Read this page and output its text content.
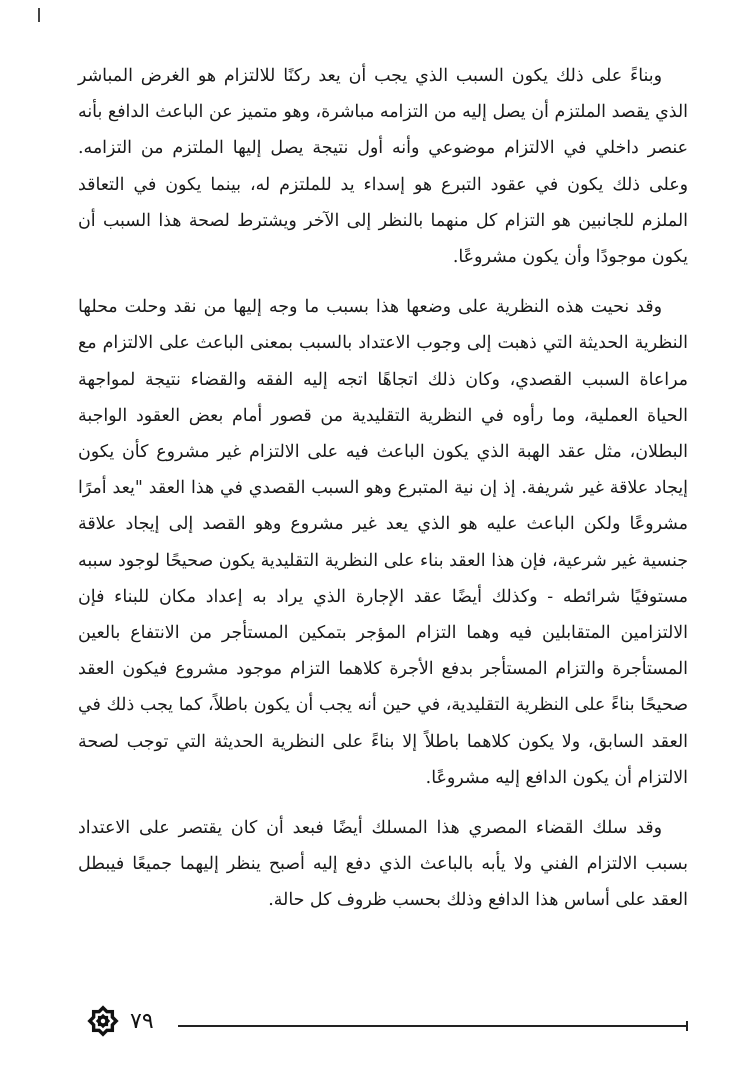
وبناءً على ذلك يكون السبب الذي يجب أن يعد ركنًا للالتزام هو الغرض المباشر الذي يقصد الملتزم أن يصل إليه من التزامه مباشرة، وهو متميز عن الباعث الدافع بأنه عنصر داخلي في الالتزام موضوعي وأنه أول نتيجة يصل إليها الملتزم من التزامه. وعلى ذلك يكون في عقود التبرع هو إسداء يد للملتزم له، بينما يكون في التعاقد الملزم للجانبين هو التزام كل منهما بالنظر إلى الآخر ويشترط لصحة هذا السبب أن يكون موجودًا وأن يكون مشروعًا.

وقد نحيت هذه النظرية على وضعها هذا بسبب ما وجه إليها من نقد وحلت محلها النظرية الحديثة التي ذهبت إلى وجوب الاعتداد بالسبب بمعنى الباعث على الالتزام مع مراعاة السبب القصدي، وكان ذلك اتجاهًا اتجه إليه الفقه والقضاء نتيجة لمواجهة الحياة العملية، وما رأوه في النظرية التقليدية من قصور أمام بعض العقود الواجبة البطلان، مثل عقد الهبة الذي يكون الباعث فيه على الالتزام غير مشروع كأن يكون إيجاد علاقة غير شريفة. إذ إن نية المتبرع وهو السبب القصدي في هذا العقد "يعد أمرًا مشروعًا ولكن الباعث عليه هو الذي يعد غير مشروع وهو القصد إلى إيجاد علاقة جنسية غير شرعية، فإن هذا العقد بناء على النظرية التقليدية يكون صحيحًا لوجود سببه مستوفيًا شرائطه - وكذلك أيضًا عقد الإجارة الذي يراد به إعداد مكان للبناء فإن الالتزامين المتقابلين فيه وهما التزام المؤجر بتمكين المستأجر من الانتفاع بالعين المستأجرة والتزام المستأجر بدفع الأجرة كلاهما التزام موجود مشروع فيكون العقد صحيحًا بناءً على النظرية التقليدية، في حين أنه يجب أن يكون باطلاً، كما يجب ذلك في العقد السابق، ولا يكون كلاهما باطلاً إلا بناءً على النظرية الحديثة التي توجب لصحة الالتزام أن يكون الدافع إليه مشروعًا.

وقد سلك القضاء المصري هذا المسلك أيضًا فبعد أن كان يقتصر على الاعتداد بسبب الالتزام الفني ولا يأبه بالباعث الذي دفع إليه أصبح ينظر إليهما جميعًا فيبطل العقد على أساس هذا الدافع وذلك بحسب ظروف كل حالة.

٧٩
